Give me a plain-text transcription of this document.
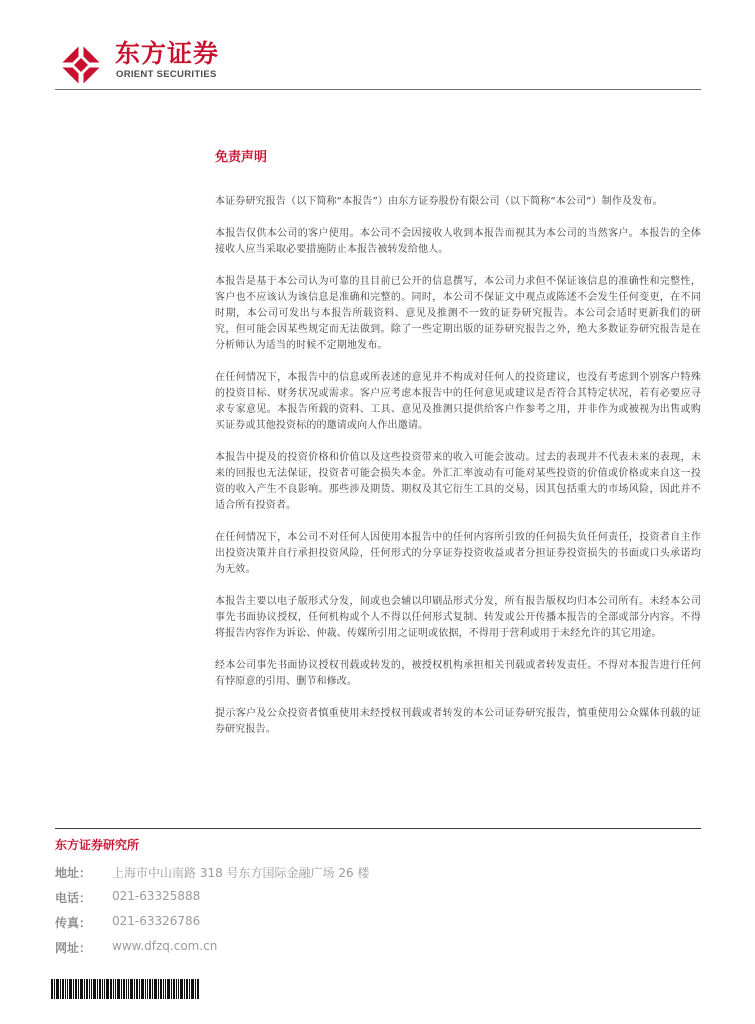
东方证券
ORIENT SECURITIES
免责声明

本证券研究报告（以下简称“本报告”）由东方证券股份有限公司（以下简称“本公司”）制作及发布。

本报告仅供本公司的客户使用。本公司不会因接收人收到本报告而视其为本公司的当然客户。本报告的全体接收人应当采取必要措施防止本报告被转发给他人。

本报告是基于本公司认为可靠的且目前已公开的信息撰写，本公司力求但不保证该信息的准确性和完整性，客户也不应该认为该信息是准确和完整的。同时，本公司不保证文中观点或陈述不会发生任何变更，在不同时期，本公司可发出与本报告所载资料、意见及推测不一致的证券研究报告。本公司会适时更新我们的研究，但可能会因某些规定而无法做到。除了一些定期出版的证券研究报告之外，绝大多数证券研究报告是在分析师认为适当的时候不定期地发布。

在任何情况下，本报告中的信息或所表述的意见并不构成对任何人的投资建议，也没有考虑到个别客户特殊的投资目标、财务状况或需求。客户应考虑本报告中的任何意见或建议是否符合其特定状况，若有必要应寻求专家意见。本报告所载的资料、工具、意见及推测只提供给客户作参考之用，并非作为或被视为出售或购买证券或其他投资标的的邀请或向人作出邀请。

本报告中提及的投资价格和价值以及这些投资带来的收入可能会波动。过去的表现并不代表未来的表现，未来的回报也无法保证，投资者可能会损失本金。外汇汇率波动有可能对某些投资的价值或价格或来自这一投资的收入产生不良影响。那些涉及期货、期权及其它衍生工具的交易，因其包括重大的市场风险，因此并不适合所有投资者。

在任何情况下，本公司不对任何人因使用本报告中的任何内容所引致的任何损失负任何责任，投资者自主作出投资决策并自行承担投资风险，任何形式的分享证券投资收益或者分担证券投资损失的书面或口头承诺均为无效。

本报告主要以电子版形式分发，间或也会辅以印刷品形式分发，所有报告版权均归本公司所有。未经本公司事先书面协议授权，任何机构或个人不得以任何形式复制、转发或公开传播本报告的全部或部分内容。不得将报告内容作为诉讼、仲裁、传媒所引用之证明或依据，不得用于营利或用于未经允许的其它用途。

经本公司事先书面协议授权刊载或转发的，被授权机构承担相关刊载或者转发责任。不得对本报告进行任何有悖原意的引用、删节和修改。

提示客户及公众投资者慎重使用未经授权刊载或者转发的本公司证券研究报告，慎重使用公众媒体刊载的证券研究报告。

东方证券研究所
地址： 上海市中山南路 318 号东方国际金融广场 26 楼
电话： 021-63325888
传真： 021-63326786
网址： www.dfzq.com.cn
